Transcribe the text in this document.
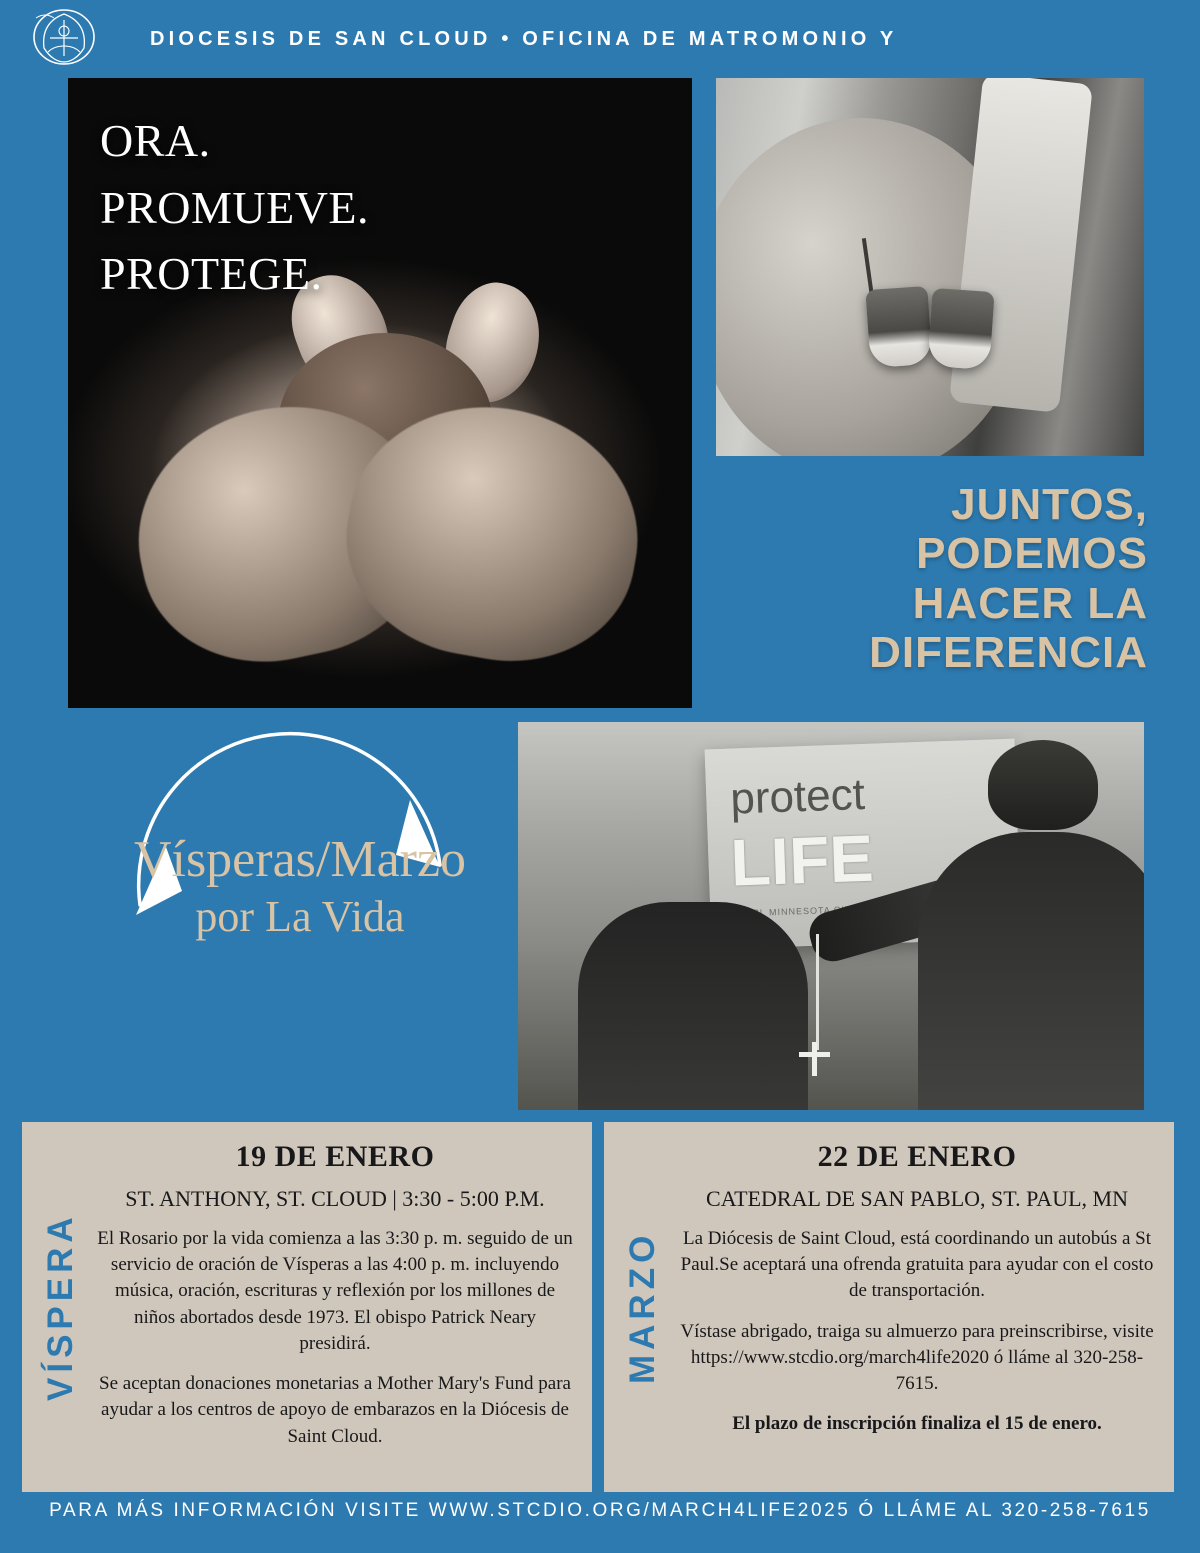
DIOCESIS DE SAN CLOUD • OFICINA DE MATROMONIO Y
ORA.
PROMUEVE.
PROTEGE.
JUNTOS,
PODEMOS
HACER LA
DIFERENCIA
Vísperas/Marzo
por La Vida
protect
LIFE
MINNESOTA
VÍSPERA
19 DE ENERO
ST. ANTHONY, ST. CLOUD | 3:30 - 5:00 P.M.

El Rosario por la vida comienza a las 3:30 p. m. seguido de un servicio de oración de Vísperas a las 4:00 p. m. incluyendo música, oración, escrituras y reflexión por los millones de niños abortados desde 1973. El obispo Patrick Neary presidirá.

Se aceptan donaciones monetarias a Mother Mary's Fund para ayudar a los centros de apoyo de embarazos en la Diócesis de Saint Cloud.

MARZO
22 DE ENERO
CATEDRAL DE SAN PABLO, ST. PAUL, MN

La Diócesis de Saint Cloud, está coordinando un autobús a St Paul.Se aceptará una ofrenda gratuita para ayudar con el costo de transportación.

Vístase abrigado, traiga su almuerzo para preinscribirse, visite https://www.stcdio.org/march4life2020 ó lláme al 320-258-7615.

El plazo de inscripción finaliza el 15 de enero.

PARA MÁS INFORMACIÓN VISITE WWW.STCDIO.ORG/MARCH4LIFE2025 Ó LLÁME AL 320-258-7615
